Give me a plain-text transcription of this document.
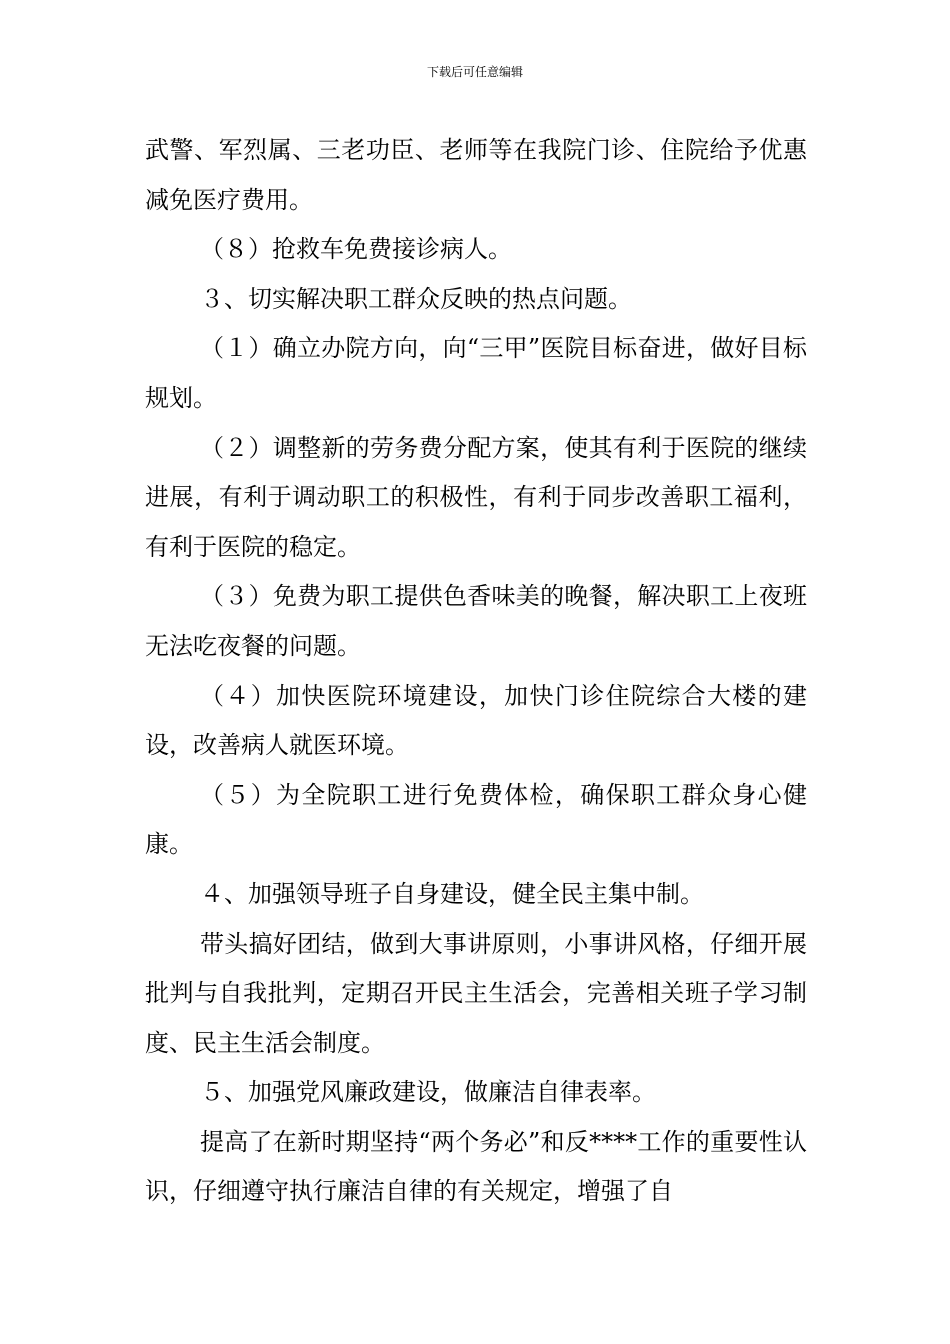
下载后可任意编辑

武警、军烈属、三老功臣、老师等在我院门诊、住院给予优惠减免医疗费用。

（８）抢救车免费接诊病人。

３、切实解决职工群众反映的热点问题。

（１）确立办院方向，向“三甲”医院目标奋进，做好目标规划。

（２）调整新的劳务费分配方案，使其有利于医院的继续进展，有利于调动职工的积极性，有利于同步改善职工福利，有利于医院的稳定。

（３）免费为职工提供色香味美的晚餐，解决职工上夜班无法吃夜餐的问题。

（４）加快医院环境建设，加快门诊住院综合大楼的建设，改善病人就医环境。

（５）为全院职工进行免费体检，确保职工群众身心健康。

４、加强领导班子自身建设，健全民主集中制。

带头搞好团结，做到大事讲原则，小事讲风格，仔细开展批判与自我批判，定期召开民主生活会，完善相关班子学习制度、民主生活会制度。

５、加强党风廉政建设，做廉洁自律表率。

提高了在新时期坚持“两个务必”和反****工作的重要性认识，仔细遵守执行廉洁自律的有关规定，增强了自
